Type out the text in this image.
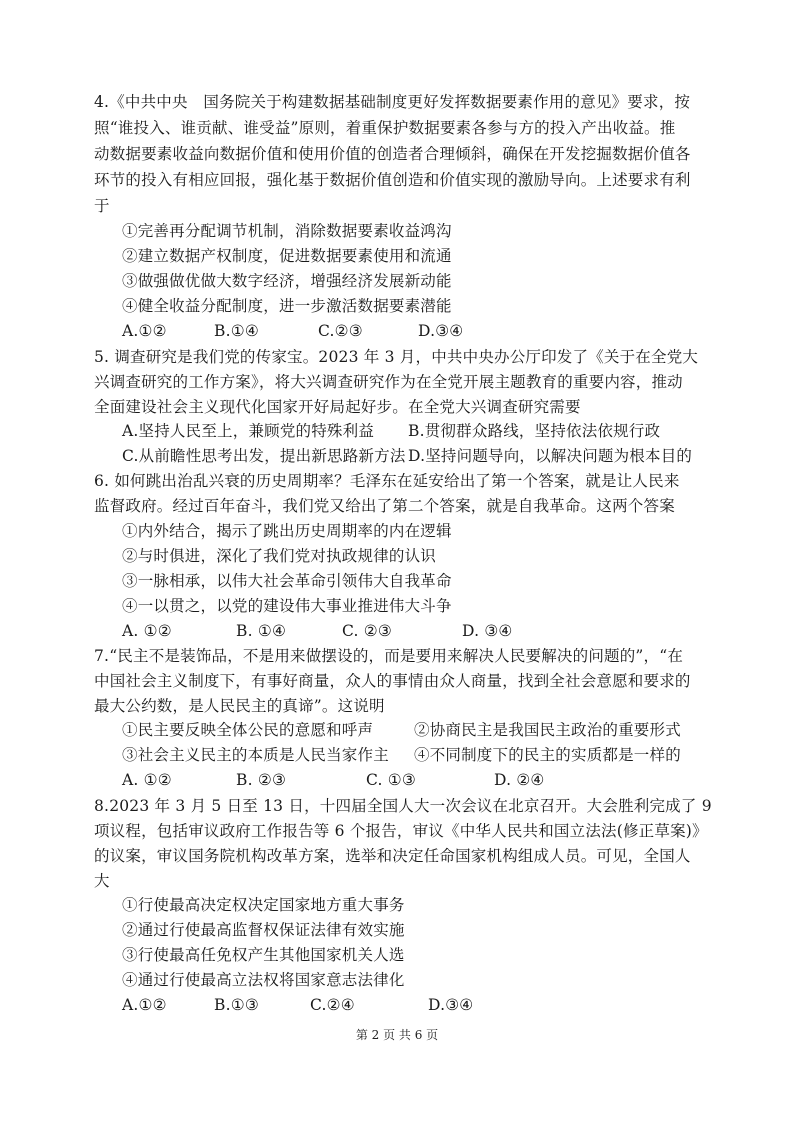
4.《中共中央　国务院关于构建数据基础制度更好发挥数据要素作用的意见》要求，按
照“谁投入、谁贡献、谁受益”原则，着重保护数据要素各参与方的投入产出收益。推
动数据要素收益向数据价值和使用价值的创造者合理倾斜，确保在开发挖掘数据价值各
环节的投入有相应回报，强化基于数据价值创造和价值实现的激励导向。上述要求有利
于
①完善再分配调节机制，消除数据要素收益鸿沟
②建立数据产权制度，促进数据要素使用和流通
③做强做优做大数字经济，增强经济发展新动能
④健全收益分配制度，进一步激活数据要素潜能
A.①②	B.①④	C.②③	D.③④
5. 调查研究是我们党的传家宝。2023 年 3 月，中共中央办公厅印发了《关于在全党大
兴调查研究的工作方案》，将大兴调查研究作为在全党开展主题教育的重要内容，推动
全面建设社会主义现代化国家开好局起好步。在全党大兴调查研究需要
A.坚持人民至上，兼顾党的特殊利益 B.贯彻群众路线，坚持依法依规行政
C.从前瞻性思考出发，提出新思路新方法 D.坚持问题导向，以解决问题为根本目的
6. 如何跳出治乱兴衰的历史周期率？毛泽东在延安给出了第一个答案，就是让人民来
监督政府。经过百年奋斗，我们党又给出了第二个答案，就是自我革命。这两个答案
①内外结合，揭示了跳出历史周期率的内在逻辑
②与时俱进，深化了我们党对执政规律的认识
③一脉相承，以伟大社会革命引领伟大自我革命
④一以贯之，以党的建设伟大事业推进伟大斗争
A. ①②	B. ①④	C. ②③	D. ③④
7.“民主不是装饰品，不是用来做摆设的，而是要用来解决人民要解决的问题的”，“在
中国社会主义制度下，有事好商量，众人的事情由众人商量，找到全社会意愿和要求的
最大公约数，是人民民主的真谛”。这说明
①民主要反映全体公民的意愿和呼声	②协商民主是我国民主政治的重要形式
③社会主义民主的本质是人民当家作主 ④不同制度下的民主的实质都是一样的
A. ①②	B. ②③	C. ①③	D. ②④
8.2023 年 3 月 5 日至 13 日，十四届全国人大一次会议在北京召开。大会胜利完成了 9
项议程，包括审议政府工作报告等 6 个报告，审议《中华人民共和国立法法(修正草案)》
的议案，审议国务院机构改革方案，选举和决定任命国家机构组成人员。可见，全国人
大
①行使最高决定权决定国家地方重大事务
②通过行使最高监督权保证法律有效实施
③行使最高任免权产生其他国家机关人选
④通过行使最高立法权将国家意志法律化
A.①②	B.①③	C.②④	D.③④
第 2 页 共 6 页
